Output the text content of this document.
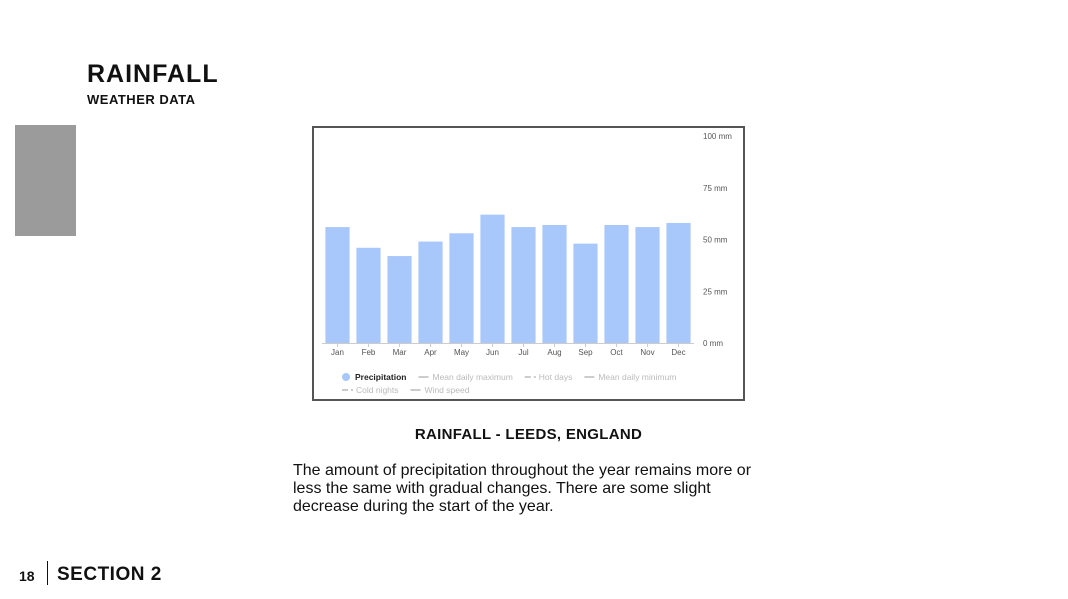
RAINFALL
WEATHER DATA
Jan Feb Mar Apr May Jun Jul Aug Sep Oct Nov Dec
0 mm
25 mm
50 mm
75 mm
100 mm
Precipitation	Mean daily maximum	Hot days	Mean daily minimum
Cold nights	Wind speed
RAINFALL - LEEDS, ENGLAND
The amount of precipitation throughout the year remains more or less the same with gradual changes. There are some slight decrease during the start of the year.
18 SECTION 2
